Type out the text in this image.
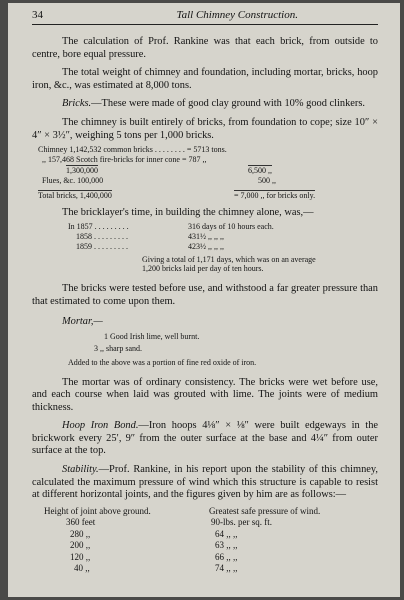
34	Tall Chimney Construction.

The calculation of Prof. Rankine was that each brick, from outside to centre, bore equal pressure.

The total weight of chimney and foundation, including mortar, bricks, hoop iron, &c., was estimated at 8,000 tons.

Bricks.—These were made of good clay ground with 10% good clinkers.

The chimney is built entirely of bricks, from foundation to cope; size 10″ × 4″ × 3½″, weighing 5 tons per 1,000 bricks.

Chimney 1,142,532 common bricks . . . . . . . . = 5713 tons.	
,, 157,468 Scotch fire-bricks for inner cone = 787 ,,	
1,300,000	6,500 ,,
Flues, &c. 100,000	500 ,,
Total bricks, 1,400,000	= 7,000 ,, for bricks only.

The bricklayer's time, in building the chimney alone, was,—

In 1857 . . . . . . . . .	316 days of 10 hours each.
1858 . . . . . . . . .	431½ ,, ,, ,,
1859 . . . . . . . . .	423½ ,, ,, ,,

Giving a total of 1,171 days, which was on an average 1,200 bricks laid per day of ten hours.

The bricks were tested before use, and withstood a far greater pressure than that estimated to come upon them.

Mortar,—

1 Good Irish lime, well burnt.
3 ,, sharp sand.

Added to the above was a portion of fine red oxide of iron.

The mortar was of ordinary consistency. The bricks were wet before use, and each course when laid was grouted with lime. The joints were of medium thickness.

Hoop Iron Bond.—Iron hoops 4⅛″ × ⅛″ were built edgeways in the brickwork every 25′, 9″ from the outer surface at the base and 4¼″ from outer surface at the top.

Stability.—Prof. Rankine, in his report upon the stability of this chimney, calculated the maximum pressure of wind which this structure is capable to resist at different horizontal joints, and the figures given by him are as follows:—

Height of joint above ground.	Greatest safe pressure of wind.
360 feet	90-lbs. per sq. ft.
280 ,,	64 ,, ,,
200 ,,	63 ,, ,,
120 ,,	66 ,, ,,
40 ,,	74 ,, ,,
